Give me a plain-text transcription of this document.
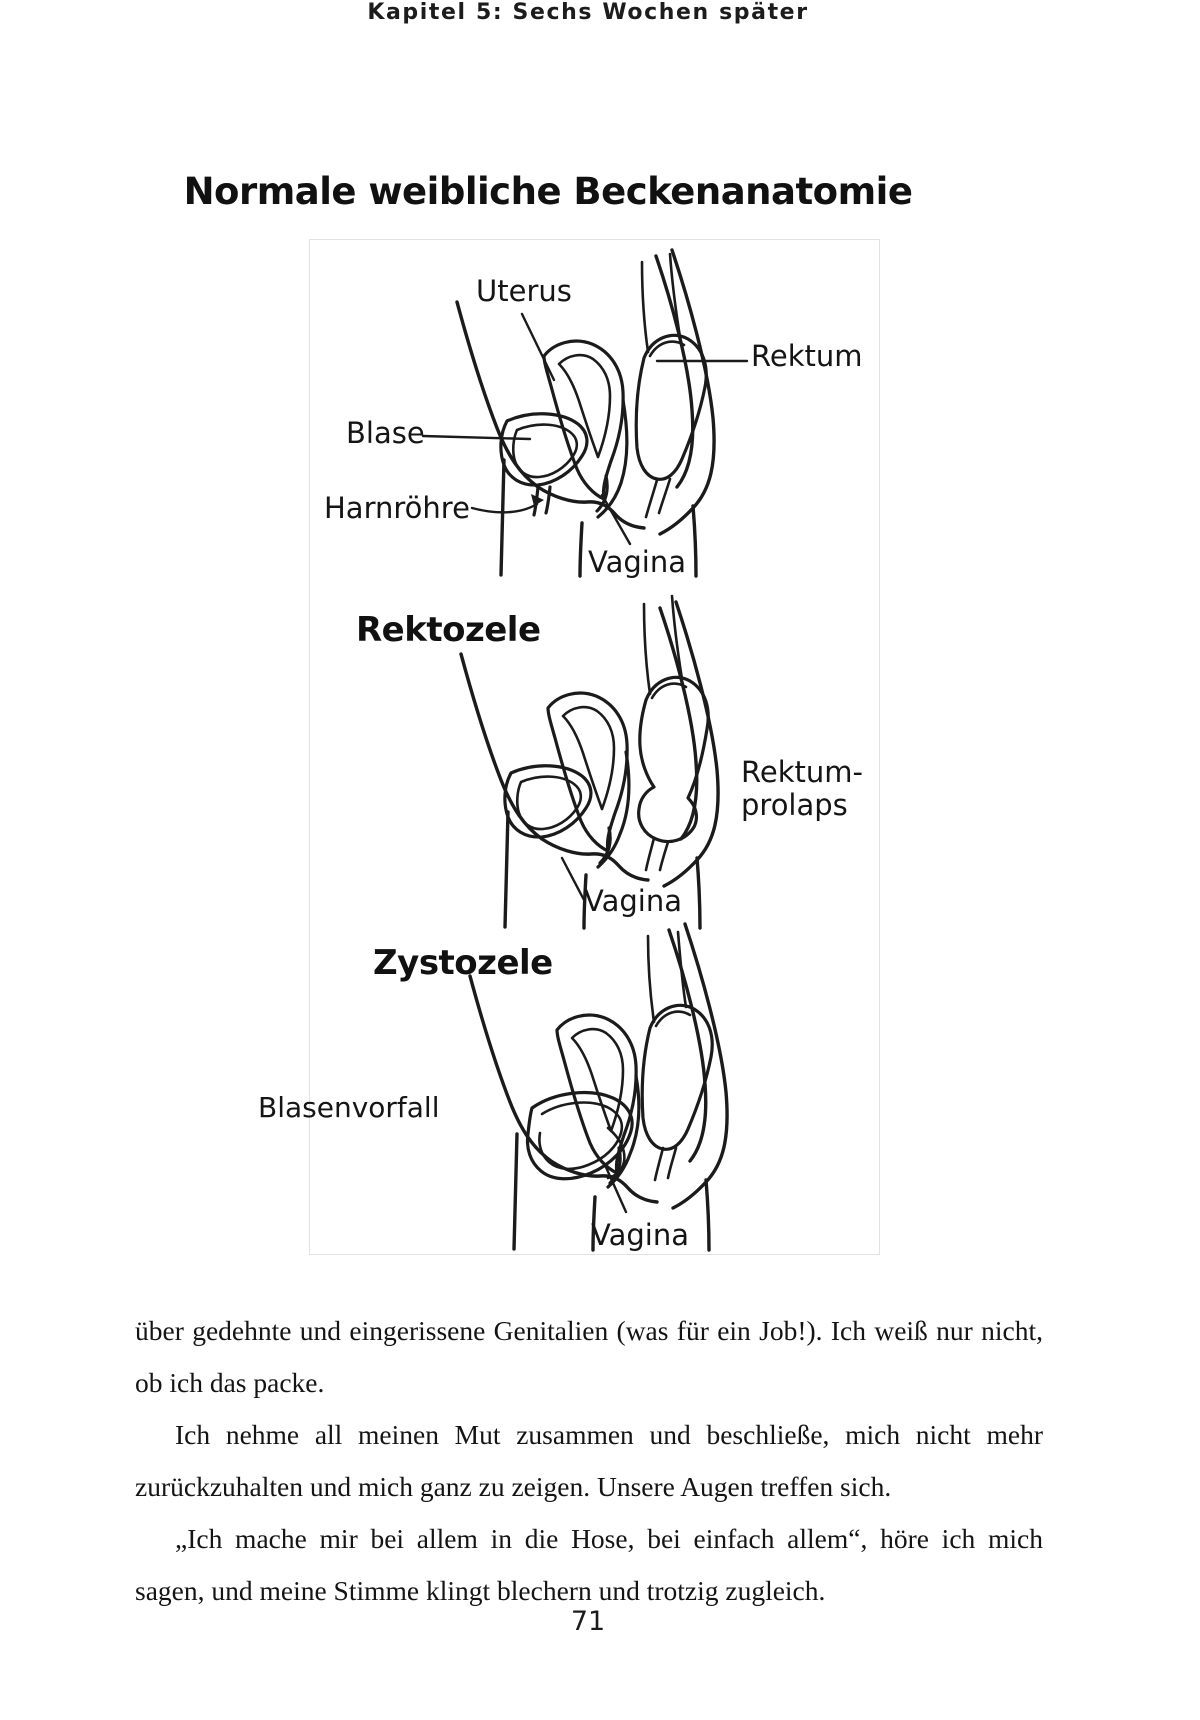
Kapitel 5: Sechs Wochen später
Normale weibliche Beckenanatomie
Uterus
Rektum
Blase
Harnröhre
Vagina
Rektozele
Rektum-
prolaps
Vagina
Zystozele
Blasenvorfall
Vagina

über gedehnte und eingerissene Genitalien (was für ein Job!). Ich weiß nur nicht, ob ich das packe.

Ich nehme all meinen Mut zusammen und beschließe, mich nicht mehr zurückzuhalten und mich ganz zu zeigen. Unsere Augen treffen sich.

„Ich mache mir bei allem in die Hose, bei einfach allem“, höre ich mich sagen, und meine Stimme klingt blechern und trotzig zugleich.

71
